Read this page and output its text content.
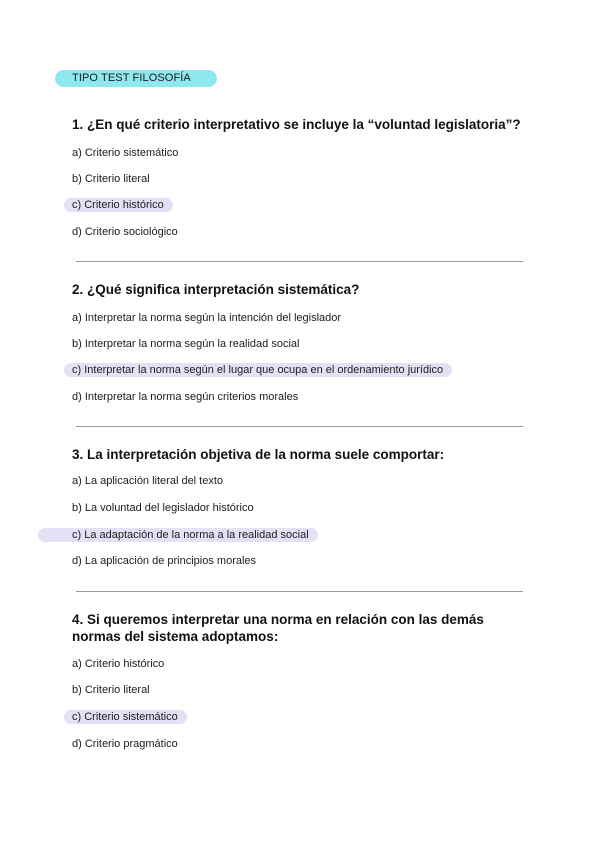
TIPO TEST FILOSOFÍA

1. ¿En qué criterio interpretativo se incluye la “voluntad legislatoria”?

a) Criterio sistemático
b) Criterio literal
c) Criterio histórico
d) Criterio sociológico

2. ¿Qué significa interpretación sistemática?

a) Interpretar la norma según la intención del legislador
b) Interpretar la norma según la realidad social
c) Interpretar la norma según el lugar que ocupa en el ordenamiento jurídico
d) Interpretar la norma según criterios morales

3. La interpretación objetiva de la norma suele comportar:

a) La aplicación literal del texto
b) La voluntad del legislador histórico
c) La adaptación de la norma a la realidad social
d) La aplicación de principios morales

4. Si queremos interpretar una norma en relación con las demás normas del sistema adoptamos:

a) Criterio histórico
b) Criterio literal
c) Criterio sistemático
d) Criterio pragmático
